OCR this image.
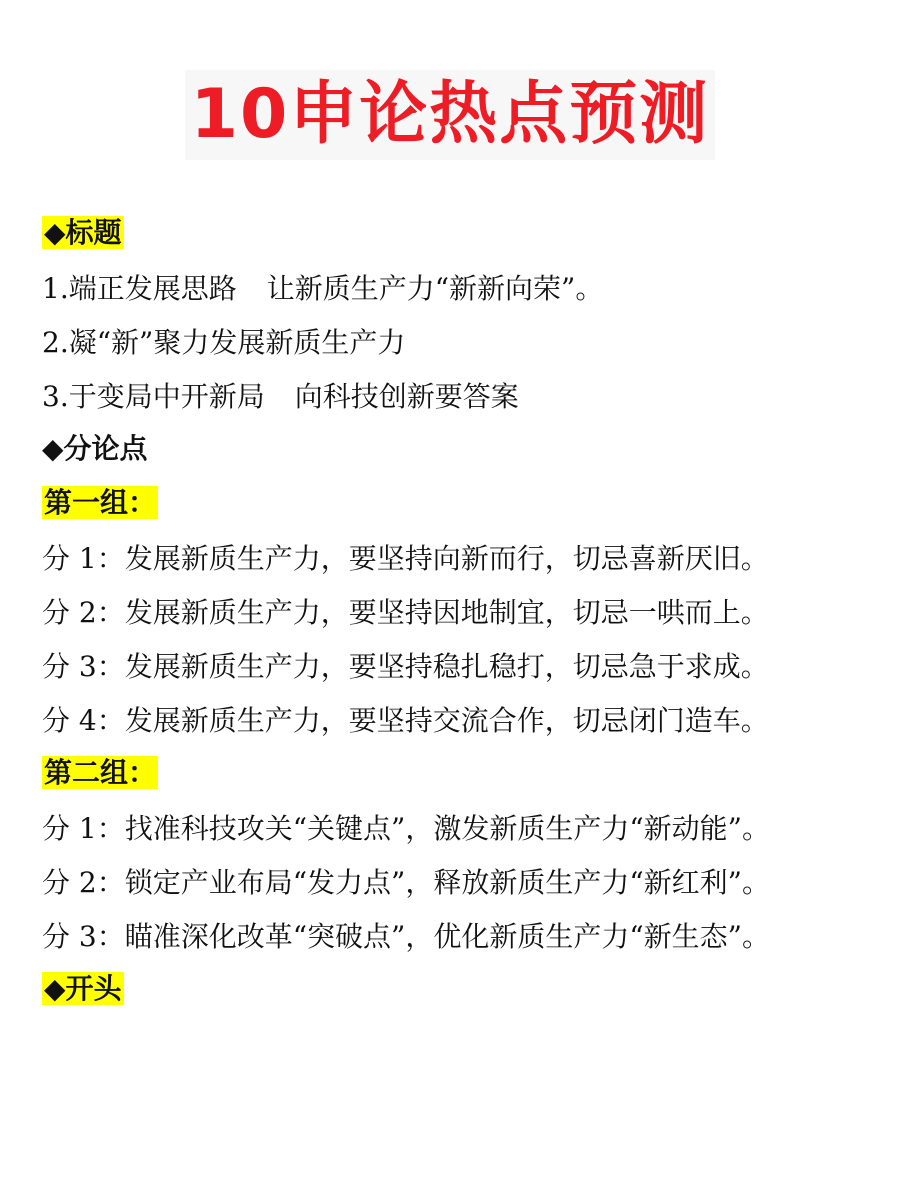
10申论热点预测
◆标题
1.端正发展思路 让新质生产力“新新向荣”。
2.凝“新”聚力发展新质生产力
3.于变局中开新局 向科技创新要答案
◆分论点
第一组：
分 1：发展新质生产力，要坚持向新而行，切忌喜新厌旧。
分 2：发展新质生产力，要坚持因地制宜，切忌一哄而上。
分 3：发展新质生产力，要坚持稳扎稳打，切忌急于求成。
分 4：发展新质生产力，要坚持交流合作，切忌闭门造车。
第二组：
分 1：找准科技攻关“关键点”，激发新质生产力“新动能”。
分 2：锁定产业布局“发力点”，释放新质生产力“新红利”。
分 3：瞄准深化改革“突破点”，优化新质生产力“新生态”。
◆开头
